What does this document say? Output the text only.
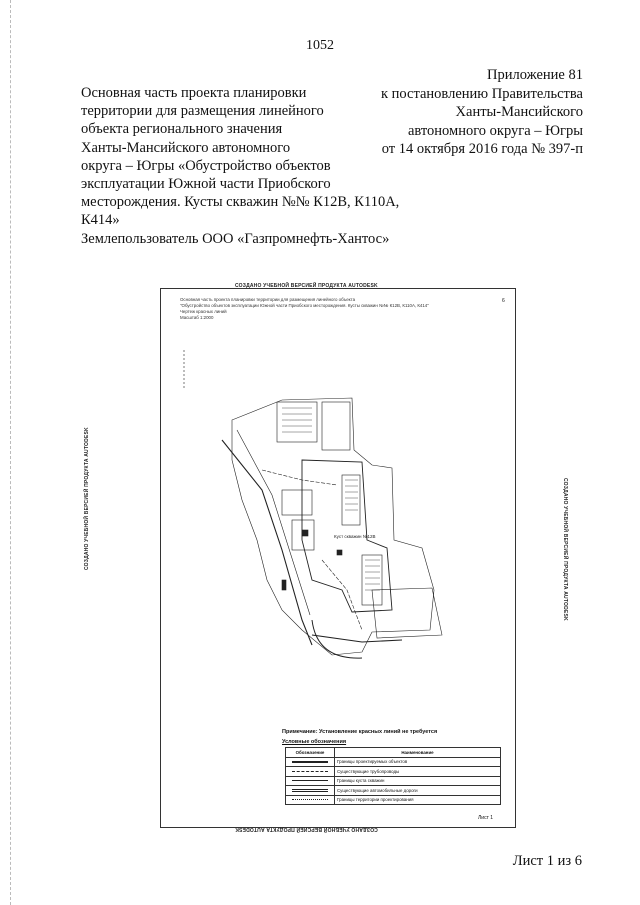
1052
Приложение 81
к постановлению Правительства
Ханты-Мансийского
автономного округа – Югры
от 14 октября 2016 года № 397-п
Основная часть проекта планировки
территории для размещения линейного
объекта регионального значения
Ханты-Мансийского автономного
округа – Югры «Обустройство объектов
эксплуатации Южной части Приобского
месторождения. Кусты скважин №№ К12В, К110А,
К414»
Землепользователь ООО «Газпромнефть-Хантос»
СОЗДАНО УЧЕБНОЙ ВЕРСИЕЙ ПРОДУКТА AUTODESK
СОЗДАНО УЧЕБНОЙ ВЕРСИЕЙ ПРОДУКТА AUTODESK
СОЗДАНО УЧЕБНОЙ ВЕРСИЕЙ ПРОДУКТА AUTODESK	СОЗДАНО УЧЕБНОЙ ВЕРСИЕЙ ПРОДУКТА AUTODESK
Основная часть проекта планировки территории для размещения линейного объекта
"Обустройство объектов эксплуатации Южной части Приобского месторождения. Кусты скважин №№ К12В, К110А, К414"
Чертеж красных линий
Масштаб 1:2000
6
Куст скважин №12В
Примечание: Установление красных линий не требуется
Условные обозначения
Обозначение	Наименование

	Границы проектируемых объектов

	Существующие трубопроводы

	Границы куста скважин

	Существующие автомобильные дороги

	Границы территории проектирования
Лист 1
Лист 1 из 6
